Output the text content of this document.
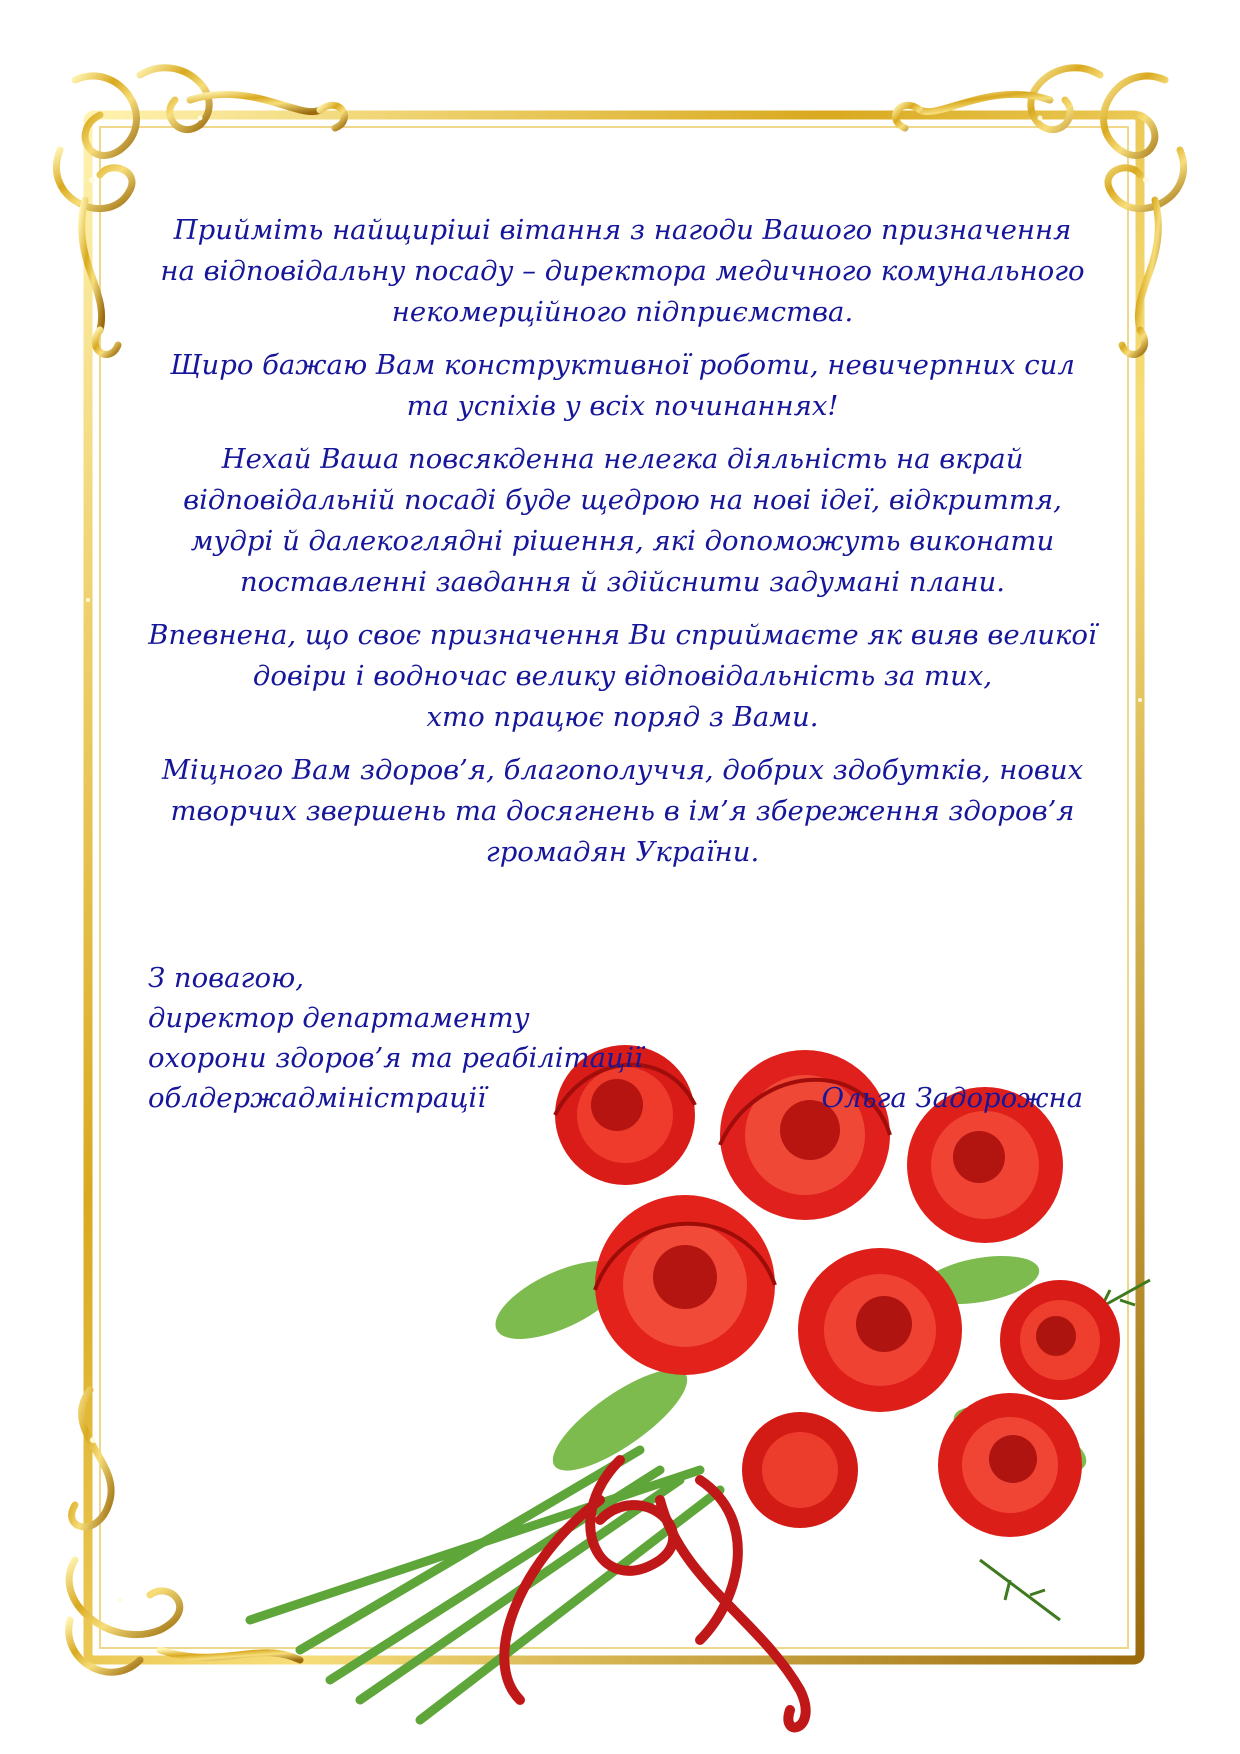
Прийміть найщиріші вітання з нагоди Вашого призначення
на відповідальну посаду – директора медичного комунального
некомерційного підприємства.

Щиро бажаю Вам конструктивної роботи, невичерпних сил
та успіхів у всіх починаннях!

Нехай Ваша повсякденна нелегка діяльність на вкрай
відповідальній посаді буде щедрою на нові ідеї, відкриття,
мудрі й далекоглядні рішення, які допоможуть виконати
поставленні завдання й здійснити задумані плани.

Впевнена, що своє призначення Ви сприймаєте як вияв великої
довіри і водночас велику відповідальність за тих,
хто працює поряд з Вами.

Міцного Вам здоров’я, благополуччя, добрих здобутків, нових
творчих звершень та досягнень в ім’я збереження здоров’я
громадян України.

З повагою,
директор департаменту
охорони здоров’я та реабілітації
облдержадміністрації	Ольга Задорожна
